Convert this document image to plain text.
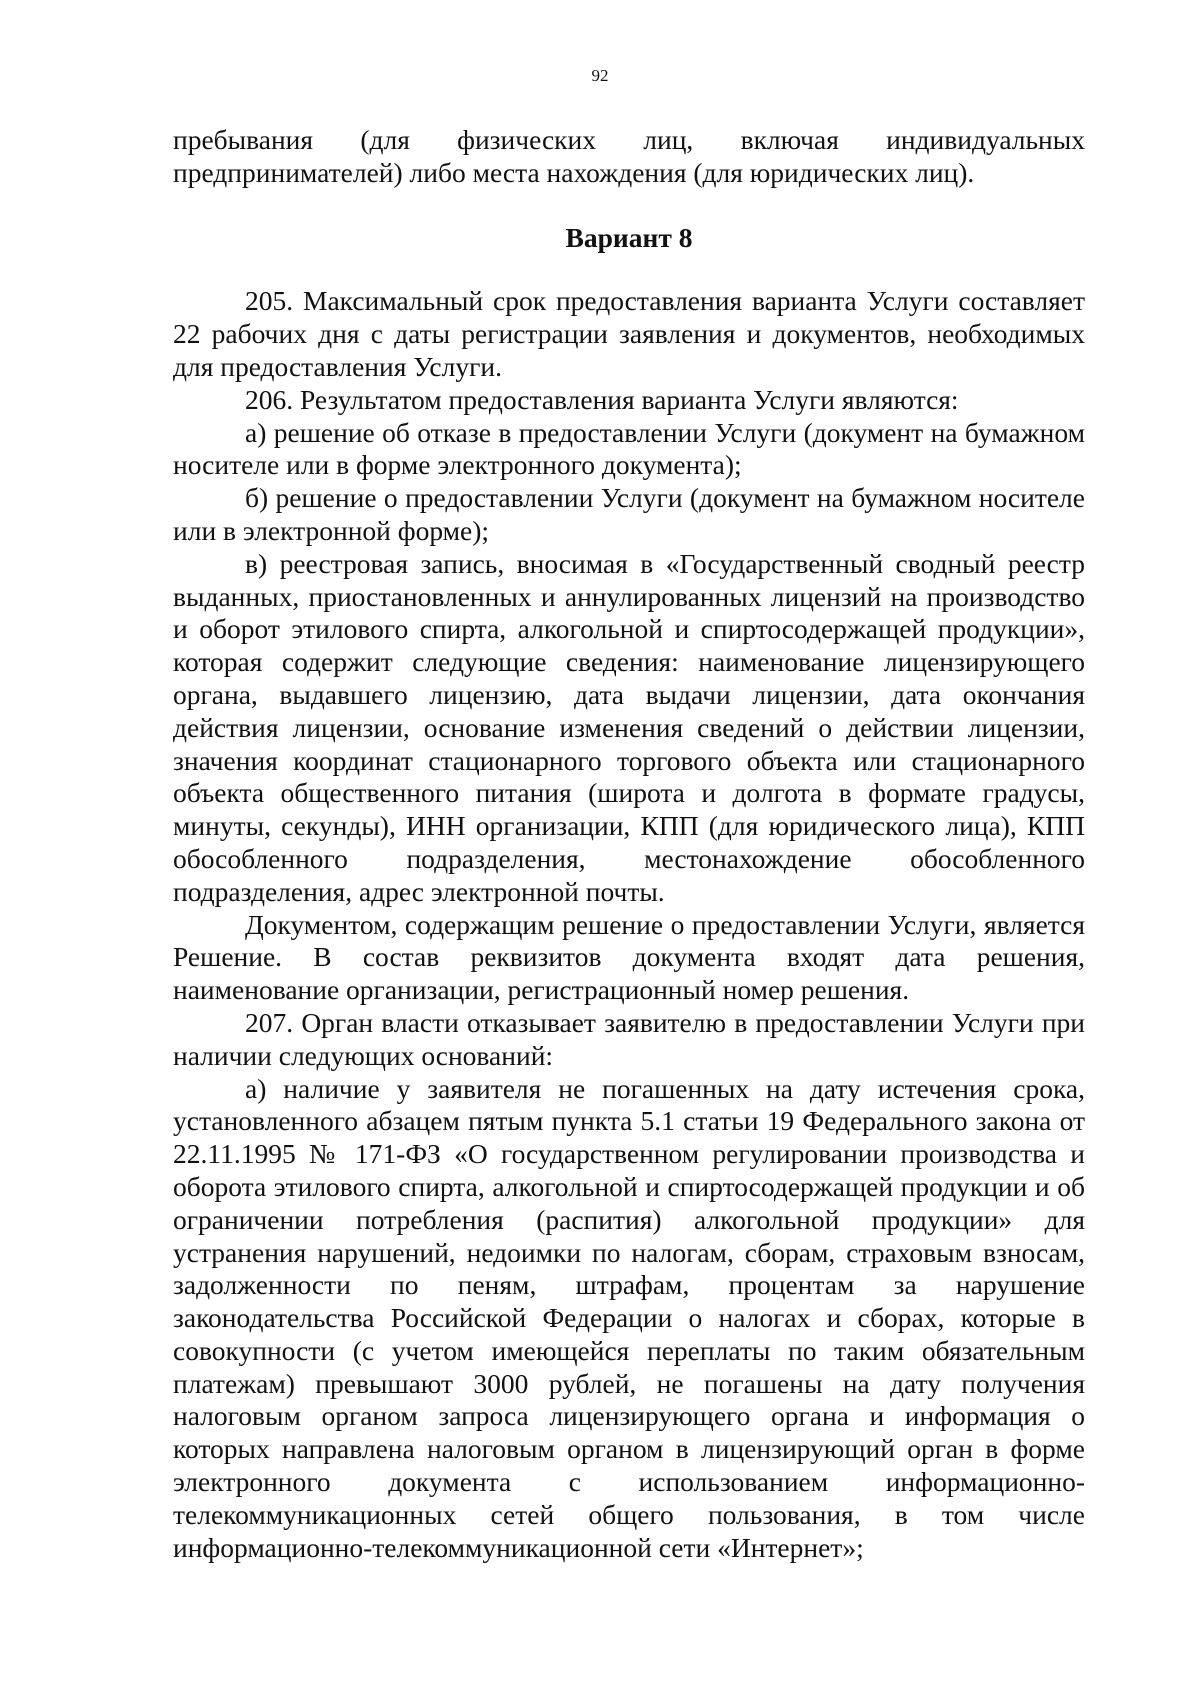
92

пребывания (для физических лиц, включая индивидуальных предпринимателей) либо места нахождения (для юридических лиц).

Вариант 8

205. Максимальный срок предоставления варианта Услуги составляет 22 рабочих дня с даты регистрации заявления и документов, необходимых для предоставления Услуги.

206. Результатом предоставления варианта Услуги являются:

а) решение об отказе в предоставлении Услуги (документ на бумажном носителе или в форме электронного документа);

б) решение о предоставлении Услуги (документ на бумажном носителе или в электронной форме);

в) реестровая запись, вносимая в «Государственный сводный реестр выданных, приостановленных и аннулированных лицензий на производство и оборот этилового спирта, алкогольной и спиртосодержащей продукции», которая содержит следующие сведения: наименование лицензирующего органа, выдавшего лицензию, дата выдачи лицензии, дата окончания действия лицензии, основание изменения сведений о действии лицензии, значения координат стационарного торгового объекта или стационарного объекта общественного питания (широта и долгота в формате градусы, минуты, секунды), ИНН организации, КПП (для юридического лица), КПП обособленного подразделения, местонахождение обособленного подразделения, адрес электронной почты.

Документом, содержащим решение о предоставлении Услуги, является Решение. В состав реквизитов документа входят дата решения, наименование организации, регистрационный номер решения.

207. Орган власти отказывает заявителю в предоставлении Услуги при наличии следующих оснований:

а) наличие у заявителя не погашенных на дату истечения срока, установленного абзацем пятым пункта 5.1 статьи 19 Федерального закона от 22.11.1995 № 171-ФЗ «О государственном регулировании производства и оборота этилового спирта, алкогольной и спиртосодержащей продукции и об ограничении потребления (распития) алкогольной продукции» для устранения нарушений, недоимки по налогам, сборам, страховым взносам, задолженности по пеням, штрафам, процентам за нарушение законодательства Российской Федерации о налогах и сборах, которые в совокупности (с учетом имеющейся переплаты по таким обязательным платежам) превышают 3000 рублей, не погашены на дату получения налоговым органом запроса лицензирующего органа и информация о которых направлена налоговым органом в лицензирующий орган в форме электронного документа с использованием информационно-телекоммуникационных сетей общего пользования, в том числе информационно-телекоммуникационной сети «Интернет»;
